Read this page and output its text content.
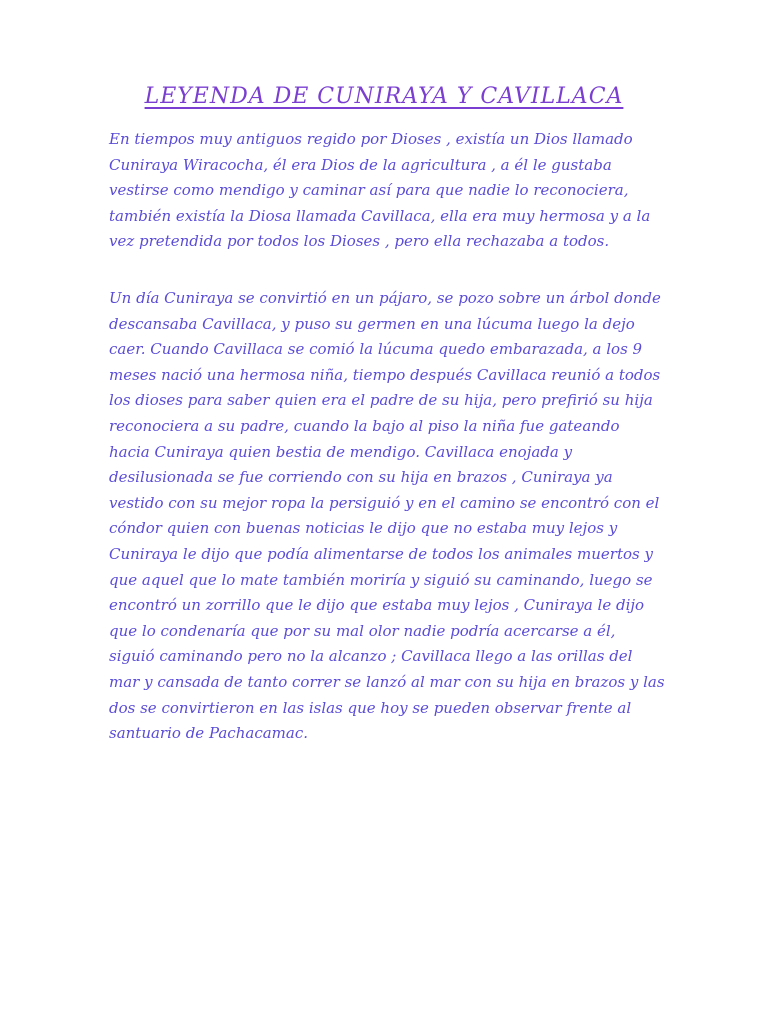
LEYENDA DE CUNIRAYA Y CAVILLACA

En tiempos muy antiguos regido por Dioses , existía un Dios llamado Cuniraya Wiracocha, él era Dios de la agricultura , a él le gustaba vestirse como mendigo y caminar así para que nadie lo reconociera, también existía la Diosa llamada Cavillaca, ella era muy hermosa y a la vez pretendida por todos los Dioses , pero ella rechazaba a todos.

Un día Cuniraya se convirtió en un pájaro, se pozo sobre un árbol donde descansaba Cavillaca, y puso su germen en una lúcuma luego la dejo caer. Cuando Cavillaca se comió la lúcuma quedo embarazada, a los 9 meses nació una hermosa niña, tiempo después Cavillaca reunió a todos los dioses para saber quien era el padre de su hija, pero prefirió su hija reconociera a su padre, cuando la bajo al piso la niña fue gateando hacia Cuniraya quien bestia de mendigo. Cavillaca enojada y desilusionada se fue corriendo con su hija en brazos , Cuniraya ya vestido con su mejor ropa la persiguió y en el camino se encontró con el cóndor quien con buenas noticias le dijo que no estaba muy lejos y Cuniraya le dijo que podía alimentarse de todos los animales muertos y que aquel que lo mate también moriría y siguió su caminando, luego se encontró un zorrillo que le dijo que estaba muy lejos , Cuniraya le dijo que lo condenaría que por su mal olor nadie podría acercarse a él, siguió caminando pero no la alcanzo ; Cavillaca llego a las orillas del mar y cansada de tanto correr se lanzó al mar con su hija en brazos y las dos se convirtieron en las islas que hoy se pueden observar frente al santuario de Pachacamac.
